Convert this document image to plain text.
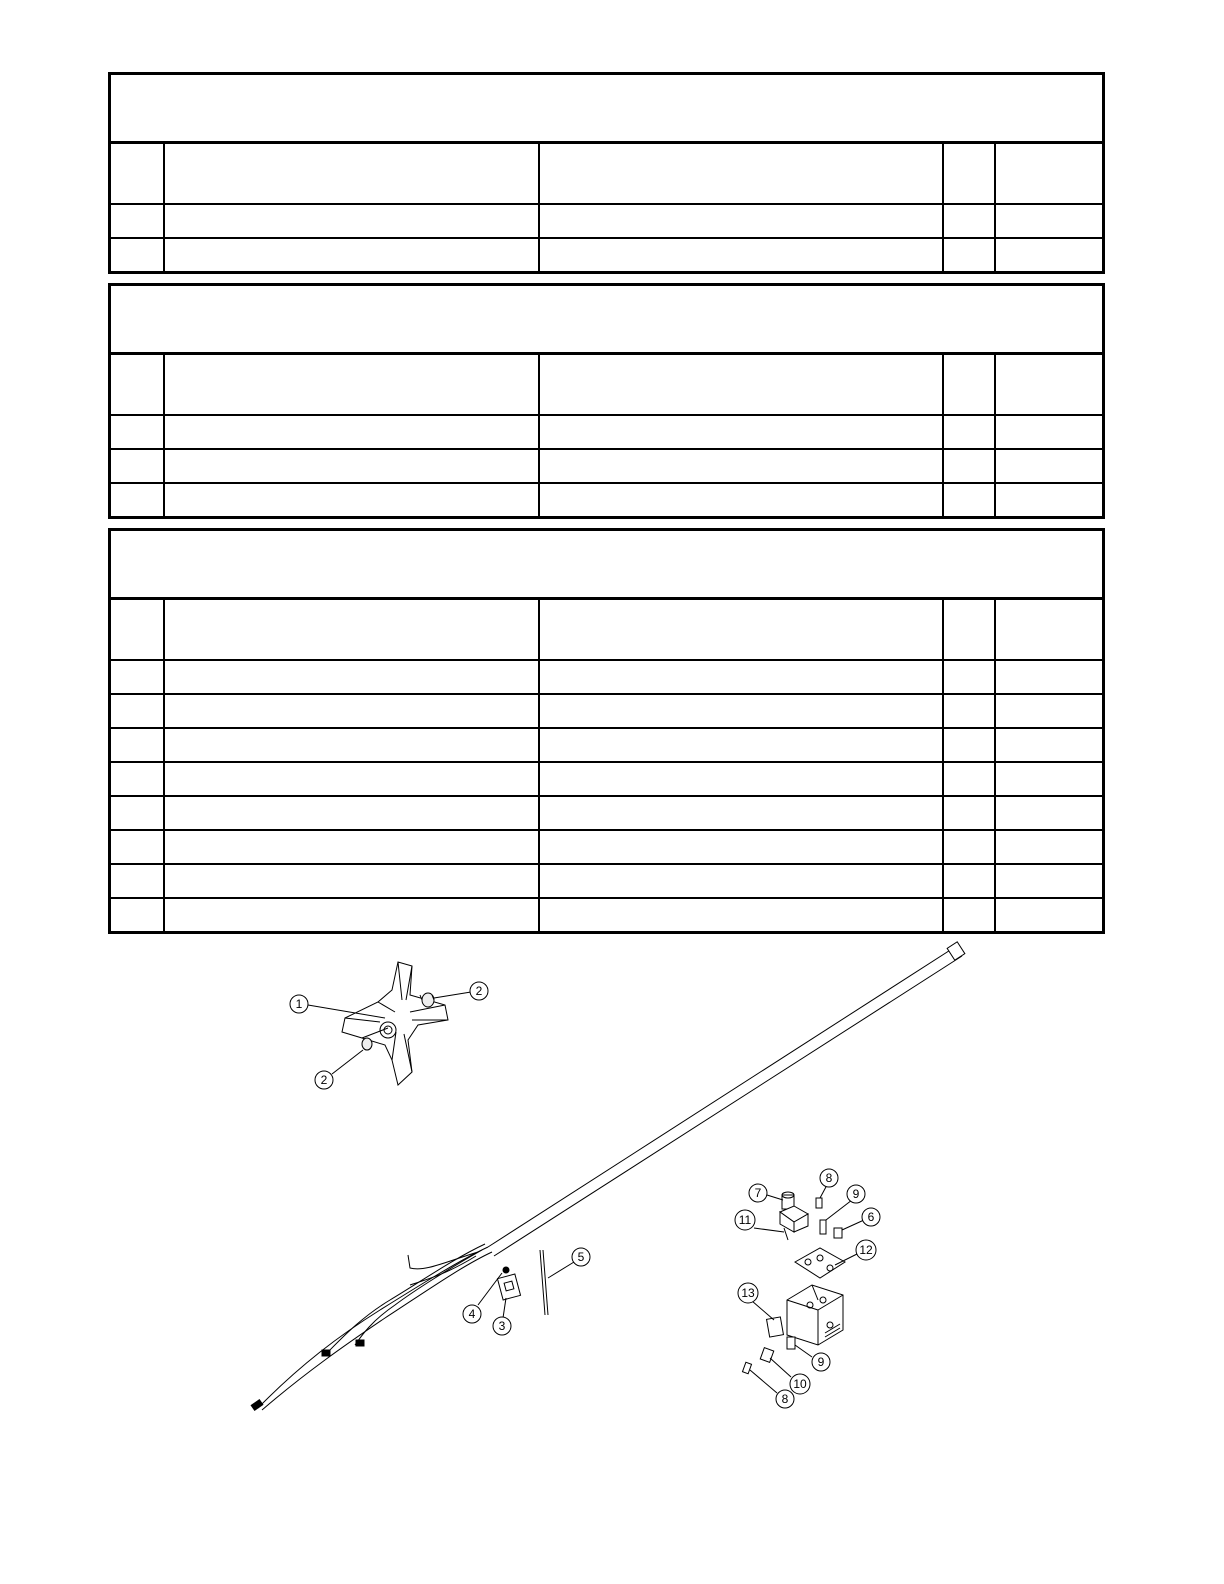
1
2
2
3
4
5
6
7
8
9
11
12
13
9
10
8
